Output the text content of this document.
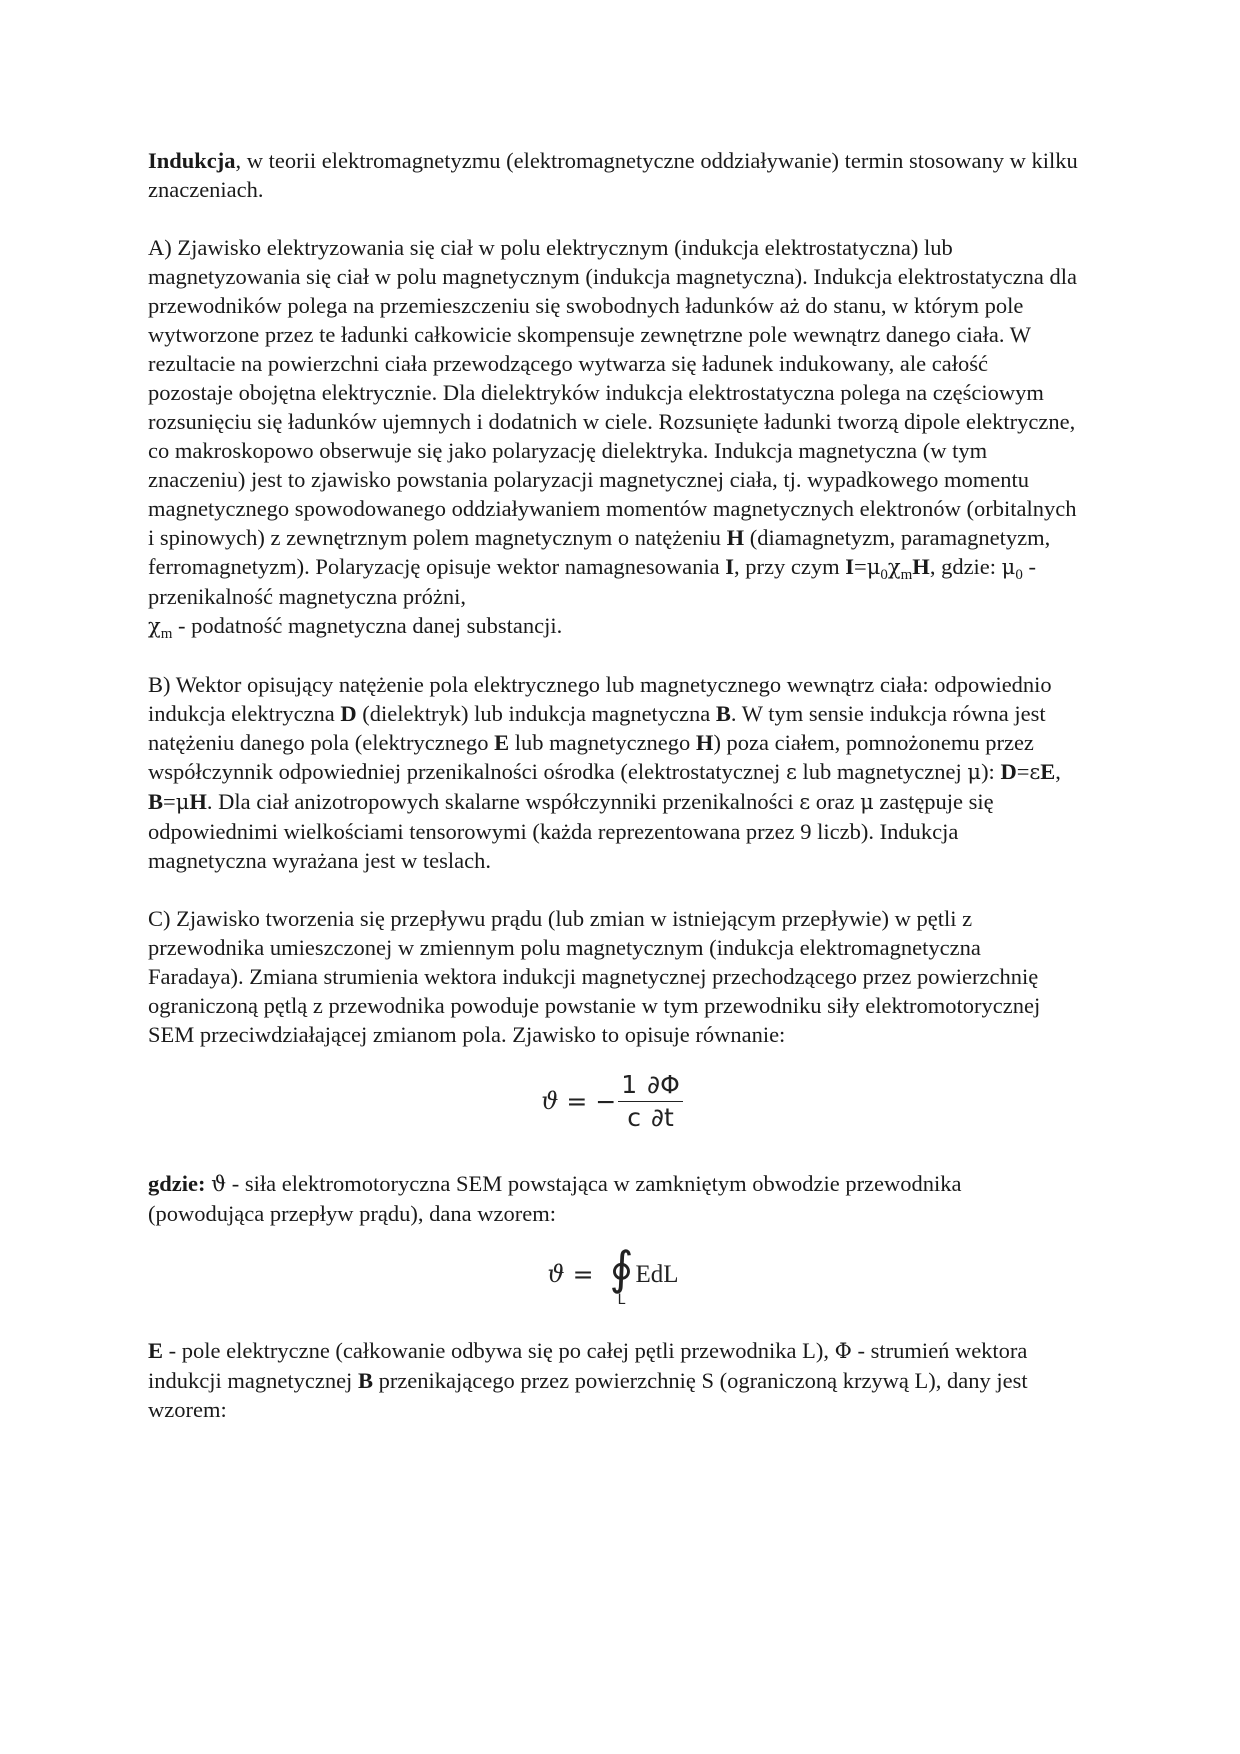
Indukcja, w teorii elektromagnetyzmu (elektromagnetyczne oddziaływanie) termin stosowany w kilku znaczeniach.

A) Zjawisko elektryzowania się ciał w polu elektrycznym (indukcja elektrostatyczna) lub magnetyzowania się ciał w polu magnetycznym (indukcja magnetyczna). Indukcja elektrostatyczna dla przewodników polega na przemieszczeniu się swobodnych ładunków aż do stanu, w którym pole wytworzone przez te ładunki całkowicie skompensuje zewnętrzne pole wewnątrz danego ciała. W rezultacie na powierzchni ciała przewodzącego wytwarza się ładunek indukowany, ale całość pozostaje obojętna elektrycznie. Dla dielektryków indukcja elektrostatyczna polega na częściowym rozsunięciu się ładunków ujemnych i dodatnich w ciele. Rozsunięte ładunki tworzą dipole elektryczne, co makroskopowo obserwuje się jako polaryzację dielektryka. Indukcja magnetyczna (w tym znaczeniu) jest to zjawisko powstania polaryzacji magnetycznej ciała, tj. wypadkowego momentu magnetycznego spowodowanego oddziaływaniem momentów magnetycznych elektronów (orbitalnych i spinowych) z zewnętrznym polem magnetycznym o natężeniu H (diamagnetyzm, paramagnetyzm, ferromagnetyzm). Polaryzację opisuje wektor namagnesowania I, przy czym $I=\mu_0\chi_mH$, gdzie: $\mu_0$ - przenikalność magnetyczna próżni,
$\chi_m$ - podatność magnetyczna danej substancji.

B) Wektor opisujący natężenie pola elektrycznego lub magnetycznego wewnątrz ciała: odpowiednio indukcja elektryczna D (dielektryk) lub indukcja magnetyczna B. W tym sensie indukcja równa jest natężeniu danego pola (elektrycznego E lub magnetycznego H) poza ciałem, pomnożonemu przez współczynnik odpowiedniej przenikalności ośrodka (elektrostatycznej ε lub magnetycznej μ): D=εE, B=μH. Dla ciał anizotropowych skalarne współczynniki przenikalności ε oraz μ zastępuje się odpowiednimi wielkościami tensorowymi (każda reprezentowana przez 9 liczb). Indukcja magnetyczna wyrażana jest w teslach.

C) Zjawisko tworzenia się przepływu prądu (lub zmian w istniejącym przepływie) w pętli z przewodnika umieszczonej w zmiennym polu magnetycznym (indukcja elektromagnetyczna Faradaya). Zmiana strumienia wektora indukcji magnetycznej przechodzącego przez powierzchnię ograniczoną pętlą z przewodnika powoduje powstanie w tym przewodniku siły elektromotorycznej SEM przeciwdziałającej zmianom pola. Zjawisko to opisuje równanie:

ϑ = − $\frac{1 \partial\Phi}{c \partial t}$

gdzie: ϑ - siła elektromotoryczna SEM powstająca w zamkniętym obwodzie przewodnika (powodująca przepływ prądu), dana wzorem:

ϑ = ∮
L
EdL

E - pole elektryczne (całkowanie odbywa się po całej pętli przewodnika L), Φ - strumień wektora indukcji magnetycznej B przenikającego przez powierzchnię S (ograniczoną krzywą L), dany jest wzorem:
